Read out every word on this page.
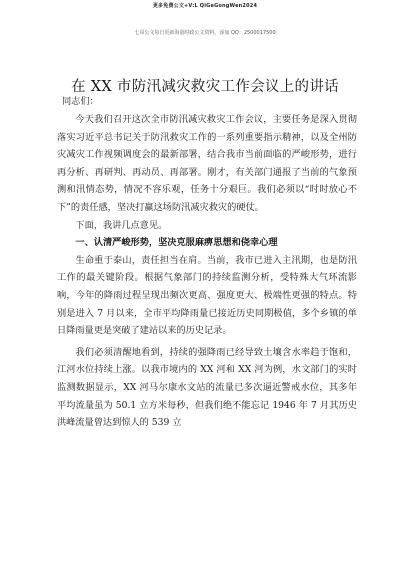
更多免费公文+V:L QiGeGongWen2024
七哥公文每日更新海量时政公文资料，添加 QQ：2500017500
在 XX 市防汛减灾救灾工作会议上的讲话

同志们：

今天我们召开这次全市防汛减灾救灾工作会议，主要任务是深入贯彻落实习近平总书记关于防汛救灾工作的一系列重要指示精神，以及全州防灾减灾工作视频调度会的最新部署，结合我市当前面临的严峻形势，进行再分析、再研判、再动员、再部署。刚才，有关部门通报了当前的气象预测和汛情态势，情况不容乐观，任务十分艰巨。我们必须以“时时放心不下”的责任感，坚决打赢这场防汛减灾救灾的硬仗。

下面，我讲几点意见。

一、认清严峻形势，坚决克服麻痹思想和侥幸心理

生命重于泰山，责任担当在肩。当前，我市已进入主汛期，也是防汛工作的最关键阶段。根据气象部门的持续监测分析，受特殊大气环流影响，今年的降雨过程呈现出频次更高、强度更大、极端性更强的特点。特别是进入 7 月以来，全市平均降雨量已接近历史同期极值，多个乡镇的单日降雨量更是突破了建站以来的历史记录。

我们必须清醒地看到，持续的强降雨已经导致土壤含水率趋于饱和，江河水位持续上涨。以我市境内的 XX 河和 XX 河为例，水文部门的实时监测数据显示，XX 河马尔康水文站的流量已多次逼近警戒水位，其多年平均流量虽为 50.1 立方米每秒，但我们绝不能忘记 1946 年 7 月其历史洪峰流量曾达到惊人的 539 立
